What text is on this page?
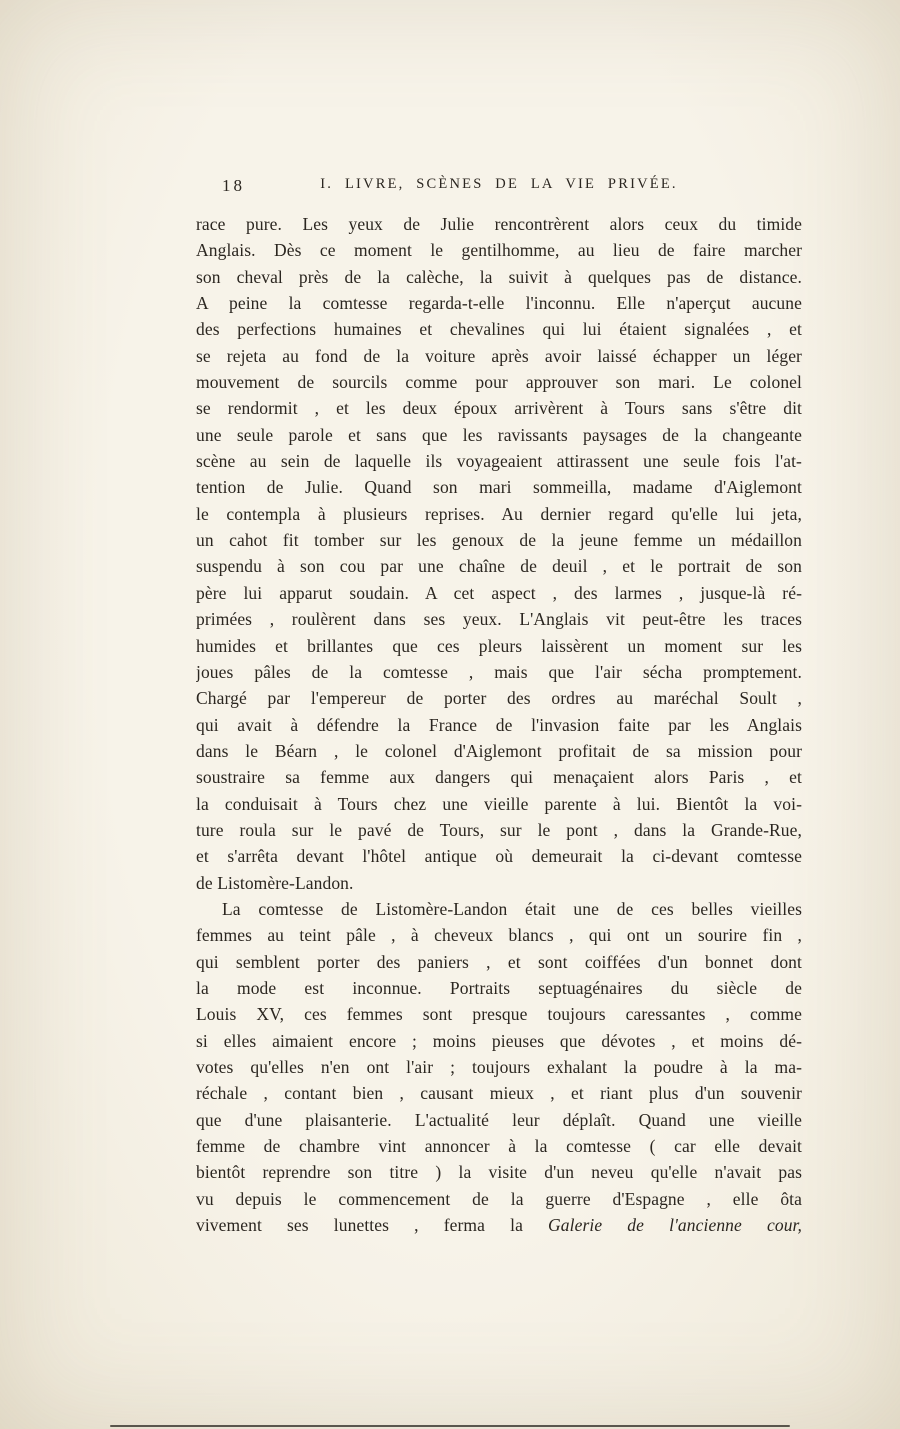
18	I. LIVRE, SCÈNES DE LA VIE PRIVÉE.
race pure. Les yeux de Julie rencontrèrent alors ceux du timide
Anglais. Dès ce moment le gentilhomme, au lieu de faire marcher
son cheval près de la calèche, la suivit à quelques pas de distance.
A peine la comtesse regarda-t-elle l'inconnu. Elle n'aperçut aucune
des perfections humaines et chevalines qui lui étaient signalées , et
se rejeta au fond de la voiture après avoir laissé échapper un léger
mouvement de sourcils comme pour approuver son mari. Le colonel
se rendormit , et les deux époux arrivèrent à Tours sans s'être dit
une seule parole et sans que les ravissants paysages de la changeante
scène au sein de laquelle ils voyageaient attirassent une seule fois l'at-
tention de Julie. Quand son mari sommeilla, madame d'Aiglemont
le contempla à plusieurs reprises. Au dernier regard qu'elle lui jeta,
un cahot fit tomber sur les genoux de la jeune femme un médaillon
suspendu à son cou par une chaîne de deuil , et le portrait de son
père lui apparut soudain. A cet aspect , des larmes , jusque-là ré-
primées , roulèrent dans ses yeux. L'Anglais vit peut-être les traces
humides et brillantes que ces pleurs laissèrent un moment sur les
joues pâles de la comtesse , mais que l'air sécha promptement.
Chargé par l'empereur de porter des ordres au maréchal Soult ,
qui avait à défendre la France de l'invasion faite par les Anglais
dans le Béarn , le colonel d'Aiglemont profitait de sa mission pour
soustraire sa femme aux dangers qui menaçaient alors Paris , et
la conduisait à Tours chez une vieille parente à lui. Bientôt la voi-
ture roula sur le pavé de Tours, sur le pont , dans la Grande-Rue,
et s'arrêta devant l'hôtel antique où demeurait la ci-devant comtesse
de Listomère-Landon.
La comtesse de Listomère-Landon était une de ces belles vieilles
femmes au teint pâle , à cheveux blancs , qui ont un sourire fin ,
qui semblent porter des paniers , et sont coiffées d'un bonnet dont
la mode est inconnue. Portraits septuagénaires du siècle de
Louis XV, ces femmes sont presque toujours caressantes , comme
si elles aimaient encore ; moins pieuses que dévotes , et moins dé-
votes qu'elles n'en ont l'air ; toujours exhalant la poudre à la ma-
réchale , contant bien , causant mieux , et riant plus d'un souvenir
que d'une plaisanterie. L'actualité leur déplaît. Quand une vieille
femme de chambre vint annoncer à la comtesse ( car elle devait
bientôt reprendre son titre ) la visite d'un neveu qu'elle n'avait pas
vu depuis le commencement de la guerre d'Espagne , elle ôta
vivement ses lunettes , ferma la Galerie de l'ancienne cour,
